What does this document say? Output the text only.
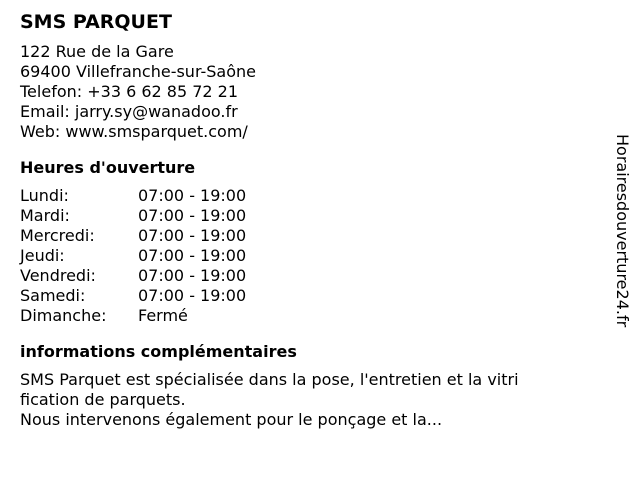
SMS PARQUET
122 Rue de la Gare
69400 Villefranche-sur-Saône
Telefon: +33 6 62 85 72 21
Email: jarry.sy@wanadoo.fr
Web: www.smsparquet.com/
Heures d'ouverture
Lundi:	07:00 - 19:00
Mardi:	07:00 - 19:00
Mercredi:	07:00 - 19:00
Jeudi:	07:00 - 19:00
Vendredi:	07:00 - 19:00
Samedi:	07:00 - 19:00
Dimanche:	Fermé
informations complémentaires
SMS Parquet est spécialisée dans la pose, l'entretien et la vitri
fication de parquets.
Nous intervenons également pour le ponçage et la...
Horairesdouverture24.fr
